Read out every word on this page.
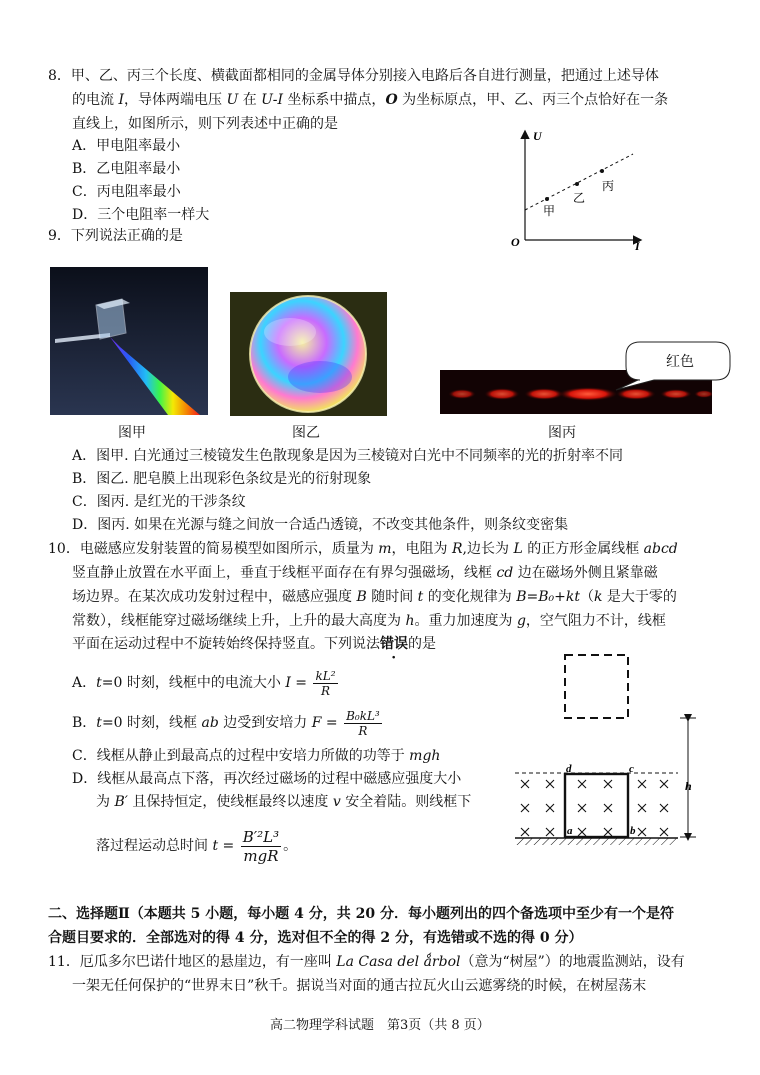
8．甲、乙、丙三个长度、横截面都相同的金属导体分别接入电路后各自进行测量，把通过上述导体
的电流 I，导体两端电压 U 在 U-I 坐标系中描点，O 为坐标原点，甲、乙、丙三个点恰好在一条
直线上，如图所示，则下列表述中正确的是
A．甲电阻率最小
B．乙电阻率最小
C．丙电阻率最小
D．三个电阻率一样大
U
I
O
甲
乙
丙
9．下列说法正确的是
红色
图甲	图乙	图丙
A．图甲. 白光通过三棱镜发生色散现象是因为三棱镜对白光中不同频率的光的折射率不同
B．图乙. 肥皂膜上出现彩色条纹是光的衍射现象
C．图丙. 是红光的干涉条纹
D．图丙. 如果在光源与缝之间放一合适凸透镜，不改变其他条件，则条纹变密集
10．电磁感应发射装置的简易模型如图所示，质量为 m，电阻为 R,边长为 L 的正方形金属线框 abcd
竖直静止放置在水平面上，垂直于线框平面存在有界匀强磁场，线框 cd 边在磁场外侧且紧靠磁
场边界。在某次成功发射过程中，磁感应强度 B 随时间 t 的变化规律为 B=B₀+kt（k 是大于零的
常数），线框能穿过磁场继续上升，上升的最大高度为 h。重力加速度为 g，空气阻力不计，线框
平面在运动过程中不旋转始终保持竖直。下列说法错误的是
A．t=0 时刻，线框中的电流大小 $I = \frac{\text{kL²}}{R}$
B．t=0 时刻，线框 ab 边受到安培力 $F = \frac{\text{B₀kL³}}{R}$
C．线框从静止到最高点的过程中安培力所做的功等于 mgh
D．线框从最高点下落，再次经过磁场的过程中磁感应强度大小
为 B′ 且保持恒定，使线框最终以速度 v 安全着陆。则线框下
落过程运动总时间 $t = \frac{\text{B′²L³}}{\text{mgR}}$ 。
h
d	c
a	b
二、选择题Ⅱ（本题共 5 小题，每小题 4 分，共 20 分．每小题列出的四个备选项中至少有一个是符
合题目要求的．全部选对的得 4 分，选对但不全的得 2 分，有选错或不选的得 0 分）
11．厄瓜多尔巴诺什地区的悬崖边，有一座叫 La Casa del ǻrbol（意为“树屋”）的地震监测站，设有
一架无任何保护的“世界末日”秋千。据说当对面的通古拉瓦火山云遮雾绕的时候，在树屋荡末
高二物理学科试题　第3页（共 8 页）
